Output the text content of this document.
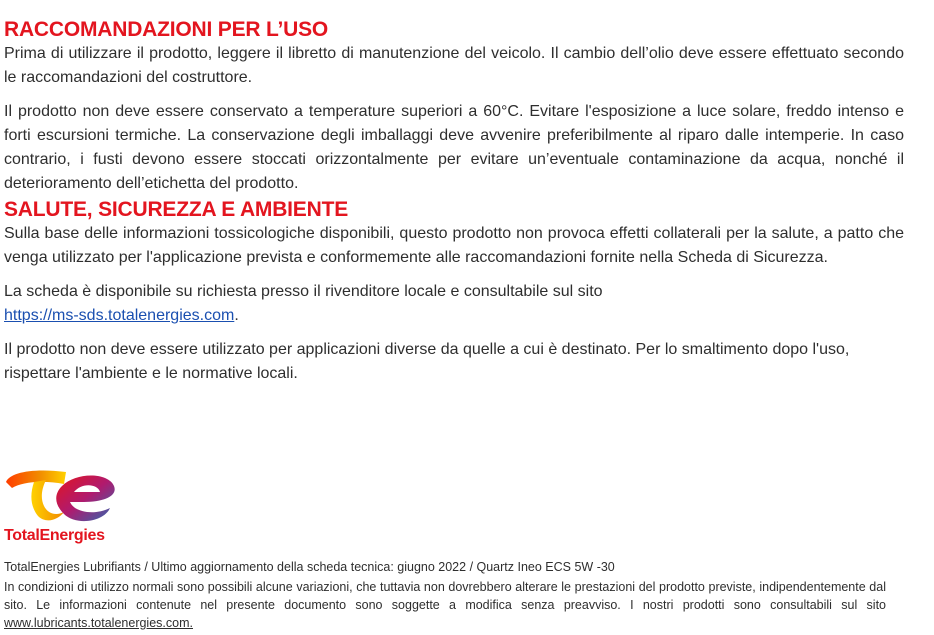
RACCOMANDAZIONI PER L’USO

Prima di utilizzare il prodotto, leggere il libretto di manutenzione del veicolo. Il cambio dell’olio deve essere effettuato secondo le raccomandazioni del costruttore.

Il prodotto non deve essere conservato a temperature superiori a 60°C. Evitare l'esposizione a luce solare, freddo intenso e forti escursioni termiche. La conservazione degli imballaggi deve avvenire preferibilmente al riparo dalle intemperie. In caso contrario, i fusti devono essere stoccati orizzontalmente per evitare un’eventuale contaminazione da acqua, nonché il deterioramento dell’etichetta del prodotto.

SALUTE, SICUREZZA E AMBIENTE

Sulla base delle informazioni tossicologiche disponibili, questo prodotto non provoca effetti collaterali per la salute, a patto che venga utilizzato per l'applicazione prevista e conformemente alle raccomandazioni fornite nella Scheda di Sicurezza.

La scheda è disponibile su richiesta presso il rivenditore locale e consultabile sul sito
https://ms-sds.totalenergies.com.

Il prodotto non deve essere utilizzato per applicazioni diverse da quelle a cui è destinato. Per lo smaltimento dopo l'uso, rispettare l'ambiente e le normative locali.

TotalEnergies
TotalEnergies Lubrifiants / Ultimo aggiornamento della scheda tecnica: giugno 2022 / Quartz Ineo ECS 5W -30
In condizioni di utilizzo normali sono possibili alcune variazioni, che tuttavia non dovrebbero alterare le prestazioni del prodotto previste, indipendentemente dal sito. Le informazioni contenute nel presente documento sono soggette a modifica senza preavviso. I nostri prodotti sono consultabili sul sito www.lubricants.totalenergies.com.
